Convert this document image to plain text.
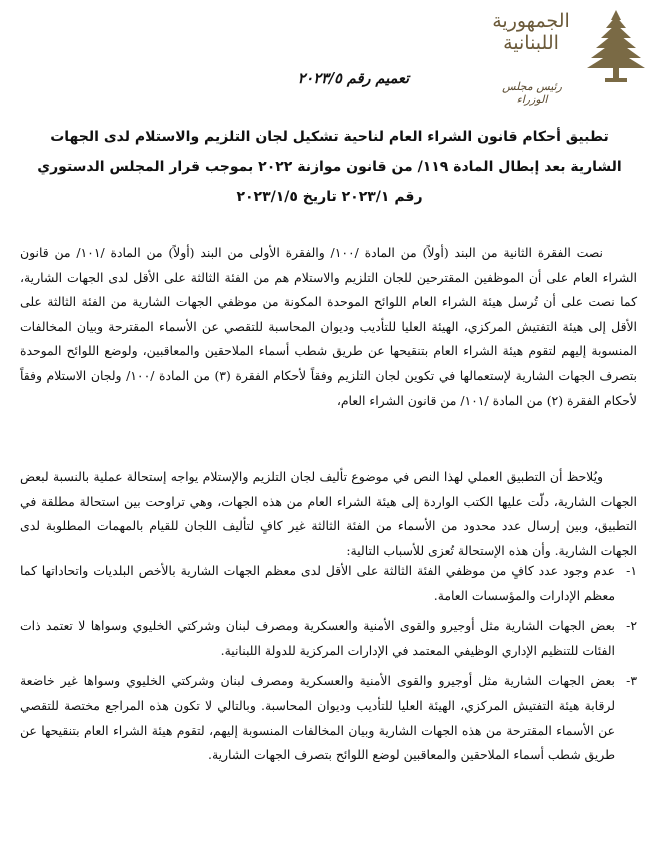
الجمهورية
اللبنانية
رئيس مجلس الوزراء
تعميم رقم ٢٠٢٣/٥
تطبيق أحكام قانون الشراء العام لناحية تشكيل لجان التلزيم والاستلام لدى الجهات
الشارية بعد إبطال المادة ١١٩/ من قانون موازنة ٢٠٢٢ بموجب قرار المجلس الدستوري
رقم ٢٠٢٣/١ تاريخ ٢٠٢٣/١/٥
نصت الفقرة الثانية من البند (أولاً) من المادة /١٠٠/ والفقرة الأولى من البند (أولاً) من المادة /١٠١/ من قانون الشراء العام على أن الموظفين المقترحين للجان التلزيم والاستلام هم من الفئة الثالثة على الأقل لدى الجهات الشارية، كما نصت على أن تُرسل هيئة الشراء العام اللوائح الموحدة المكونة من موظفي الجهات الشارية من الفئة الثالثة على الأقل إلى هيئة التفتيش المركزي، الهيئة العليا للتأديب وديوان المحاسبة للتقصي عن الأسماء المقترحة وبيان المخالفات المنسوبة إليهم لتقوم هيئة الشراء العام بتنقيحها عن طريق شطب أسماء الملاحقين والمعاقبين، ولوضع اللوائح الموحدة بتصرف الجهات الشارية لإستعمالها في تكوين لجان التلزيم وفقاً لأحكام الفقرة (٣) من المادة /١٠٠/ ولجان الاستلام وفقاً لأحكام الفقرة (٢) من المادة /١٠١/ من قانون الشراء العام،
ويُلاحظ أن التطبيق العملي لهذا النص في موضوع تأليف لجان التلزيم والإستلام يواجه إستحالة عملية بالنسبة لبعض الجهات الشارية، دلّت عليها الكتب الواردة إلى هيئة الشراء العام من هذه الجهات، وهي تراوحت بين استحالة مطلقة في التطبيق، وبين إرسال عدد محدود من الأسماء من الفئة الثالثة غير كافٍ لتأليف اللجان للقيام بالمهمات المطلوبة لدى الجهات الشارية. وأن هذه الإستحالة تُعزى للأسباب التالية:
١-
عدم وجود عدد كافٍ من موظفي الفئة الثالثة على الأقل لدى معظم الجهات الشارية بالأخص البلديات واتحاداتها كما معظم الإدارات والمؤسسات العامة.
٢-
بعض الجهات الشارية مثل أوجيرو والقوى الأمنية والعسكرية ومصرف لبنان وشركتي الخليوي وسواها لا تعتمد ذات الفئات للتنظيم الإداري الوظيفي المعتمد في الإدارات المركزية للدولة اللبنانية.
٣-
بعض الجهات الشارية مثل أوجيرو والقوى الأمنية والعسكرية ومصرف لبنان وشركتي الخليوي وسواها غير خاضعة لرقابة هيئة التفتيش المركزي، الهيئة العليا للتأديب وديوان المحاسبة. وبالتالي لا تكون هذه المراجع مختصة للتقصي عن الأسماء المقترحة من هذه الجهات الشارية وبيان المخالفات المنسوبة إليهم، لتقوم هيئة الشراء العام بتنقيحها عن طريق شطب أسماء الملاحقين والمعاقبين لوضع اللوائح بتصرف الجهات الشارية.
